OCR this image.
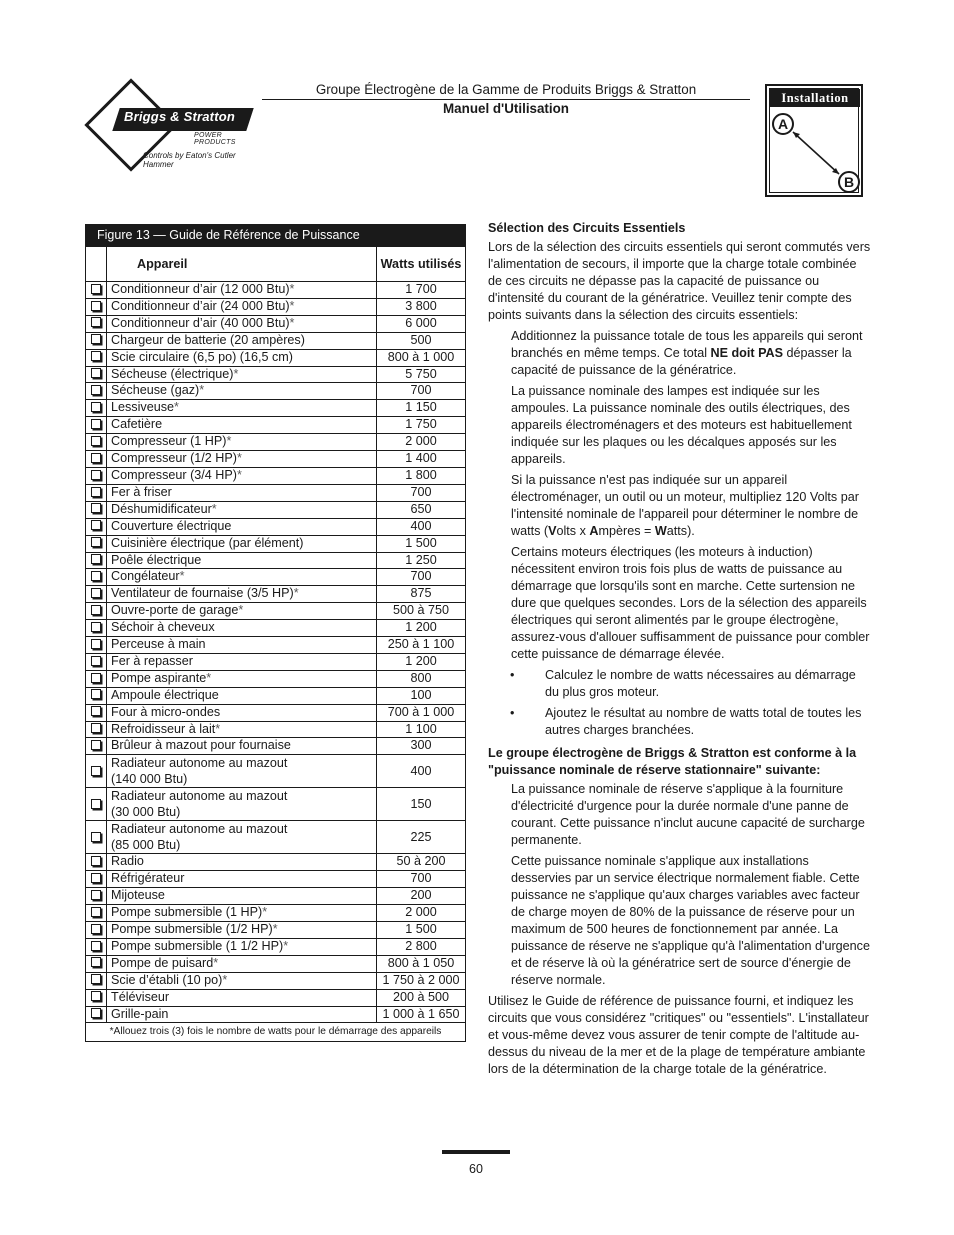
Briggs & Stratton
POWER PRODUCTS
Controls by Eaton's Cutler Hammer
Groupe Électrogène de la Gamme de Produits Briggs & Stratton
Manuel d'Utilisation
Installation
A
B
Figure 13 — Guide de Référence de Puissance
	Appareil	Watts utilisés
	Conditionneur d’air (12 000 Btu)*	1 700
	Conditionneur d’air (24 000 Btu)*	3 800
	Conditionneur d’air (40 000 Btu)*	6 000
	Chargeur de batterie (20 ampères)	500
	Scie circulaire (6,5 po) (16,5 cm)	800 à 1 000
	Sécheuse (électrique)*	5 750
	Sécheuse (gaz)*	700
	Lessiveuse*	1 150
	Cafetière	1 750
	Compresseur (1 HP)*	2 000
	Compresseur (1/2 HP)*	1 400
	Compresseur (3/4 HP)*	1 800
	Fer à friser	700
	Déshumidificateur*	650
	Couverture électrique	400
	Cuisinière électrique (par élément)	1 500
	Poêle électrique	1 250
	Congélateur*	700
	Ventilateur de fournaise (3/5 HP)*	875
	Ouvre-porte de garage*	500 à 750
	Séchoir à cheveux	1 200
	Perceuse à main	250 à 1 100
	Fer à repasser	1 200
	Pompe aspirante*	800
	Ampoule électrique	100
	Four à micro-ondes	700 à 1 000
	Refroidisseur à lait*	1 100
	Brûleur à mazout pour fournaise	300
	Radiateur autonome au mazout
(140 000 Btu)	400
	Radiateur autonome au mazout
(30 000 Btu)	150
	Radiateur autonome au mazout
(85 000 Btu)	225
	Radio	50 à 200
	Réfrigérateur	700
	Mijoteuse	200
	Pompe submersible (1 HP)*	2 000
	Pompe submersible (1/2 HP)*	1 500
	Pompe submersible (1 1/2 HP)*	2 800
	Pompe de puisard*	800 à 1 050
	Scie d’établi (10 po)*	1 750 à 2 000
	Téléviseur	200 à 500
	Grille-pain	1 000 à 1 650
*Allouez trois (3) fois le nombre de watts pour le démarrage des appareils		

Sélection des Circuits Essentiels

Lors de la sélection des circuits essentiels qui seront commutés vers l'alimentation de secours, il importe que la charge totale combinée de ces circuits ne dépasse pas la capacité de puissance ou d'intensité du courant de la génératrice. Veuillez tenir compte des points suivants dans la sélection des circuits essentiels:

Additionnez la puissance totale de tous les appareils qui seront branchés en même temps. Ce total NE doit PAS dépasser la capacité de puissance de la génératrice.

La puissance nominale des lampes est indiquée sur les ampoules. La puissance nominale des outils électriques, des appareils électroménagers et des moteurs est habituellement indiquée sur les plaques ou les décalques apposés sur les appareils.

Si la puissance n'est pas indiquée sur un appareil électroménager, un outil ou un moteur, multipliez 120 Volts par l'intensité nominale de l'appareil pour déterminer le nombre de watts (Volts x Ampères = Watts).

Certains moteurs électriques (les moteurs à induction) nécessitent environ trois fois plus de watts de puissance au démarrage que lorsqu'ils sont en marche. Cette surtension ne dure que quelques secondes. Lors de la sélection des appareils électriques qui seront alimentés par le groupe électrogène, assurez-vous d'allouer suffisamment de puissance pour combler cette puissance de démarrage élevée.

• Calculez le nombre de watts nécessaires au démarrage du plus gros moteur.

• Ajoutez le résultat au nombre de watts total de toutes les autres charges branchées.

Le groupe électrogène de Briggs & Stratton est conforme à la "puissance nominale de réserve stationnaire" suivante:

La puissance nominale de réserve s'applique à la fourniture d'électricité d'urgence pour la durée normale d'une panne de courant. Cette puissance n'inclut aucune capacité de surcharge permanente.

Cette puissance nominale s'applique aux installations desservies par un service électrique normalement fiable. Cette puissance ne s'applique qu'aux charges variables avec facteur de charge moyen de 80% de la puissance de réserve pour un maximum de 500 heures de fonctionnement par année. La puissance de réserve ne s'applique qu'à l'alimentation d'urgence et de réserve là où la génératrice sert de source d'énergie de réserve normale.

Utilisez le Guide de référence de puissance fourni, et indiquez les circuits que vous considérez "critiques" ou "essentiels". L'installateur et vous-même devez vous assurer de tenir compte de l'altitude au-dessus du niveau de la mer et de la plage de température ambiante lors de la détermination de la charge totale de la génératrice.

60
